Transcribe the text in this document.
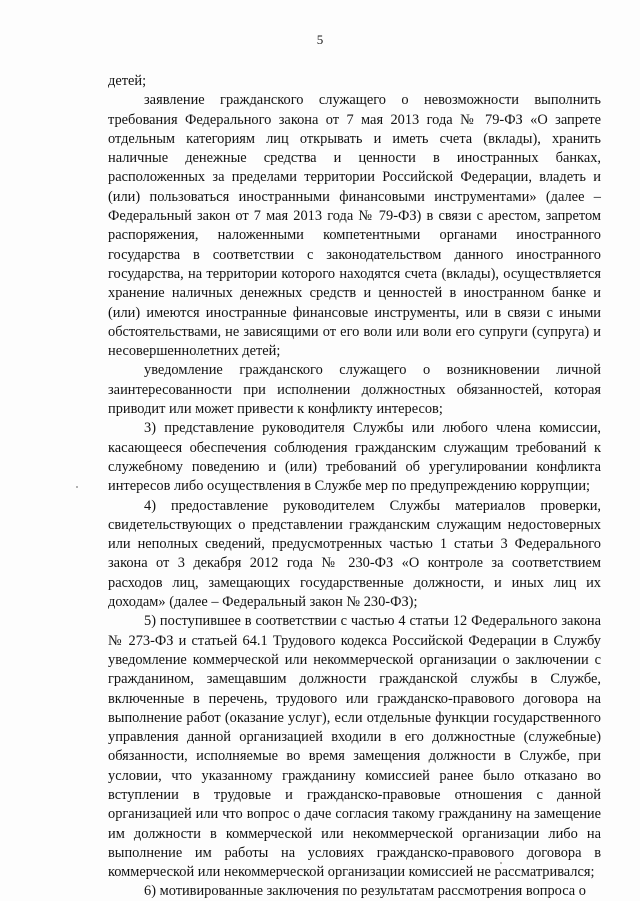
5

детей;

заявление гражданского служащего о невозможности выполнить требования Федерального закона от 7 мая 2013 года № 79-ФЗ «О запрете отдельным категориям лиц открывать и иметь счета (вклады), хранить наличные денежные средства и ценности в иностранных банках, расположенных за пределами территории Российской Федерации, владеть и (или) пользоваться иностранными финансовыми инструментами» (далее – Федеральный закон от 7 мая 2013 года № 79-ФЗ) в связи с арестом, запретом распоряжения, наложенными компетентными органами иностранного государства в соответствии с законодательством данного иностранного государства, на территории которого находятся счета (вклады), осуществляется хранение наличных денежных средств и ценностей в иностранном банке и (или) имеются иностранные финансовые инструменты, или в связи с иными обстоятельствами, не зависящими от его воли или воли его супруги (супруга) и несовершеннолетних детей;

уведомление гражданского служащего о возникновении личной заинтересованности при исполнении должностных обязанностей, которая приводит или может привести к конфликту интересов;

3) представление руководителя Службы или любого члена комиссии, касающееся обеспечения соблюдения гражданским служащим требований к служебному поведению и (или) требований об урегулировании конфликта интересов либо осуществления в Службе мер по предупреждению коррупции;

4) предоставление руководителем Службы материалов проверки, свидетельствующих о представлении гражданским служащим недостоверных или неполных сведений, предусмотренных частью 1 статьи 3 Федерального закона от 3 декабря 2012 года № 230-ФЗ «О контроле за соответствием расходов лиц, замещающих государственные должности, и иных лиц их доходам» (далее – Федеральный закон № 230-ФЗ);

5) поступившее в соответствии с частью 4 статьи 12 Федерального закона № 273-ФЗ и статьей 64.1 Трудового кодекса Российской Федерации в Службу уведомление коммерческой или некоммерческой организации о заключении с гражданином, замещавшим должности гражданской службы в Службе, включенные в перечень, трудового или гражданско-правового договора на выполнение работ (оказание услуг), если отдельные функции государственного управления данной организацией входили в его должностные (служебные) обязанности, исполняемые во время замещения должности в Службе, при условии, что указанному гражданину комиссией ранее было отказано во вступлении в трудовые и гражданско-правовые отношения с данной организацией или что вопрос о даче согласия такому гражданину на замещение им должности в коммерческой или некоммерческой организации либо на выполнение им работы на условиях гражданско-правового договора в коммерческой или некоммерческой организации комиссией не рассматривался;

6) мотивированные заключения по результатам рассмотрения вопроса о
